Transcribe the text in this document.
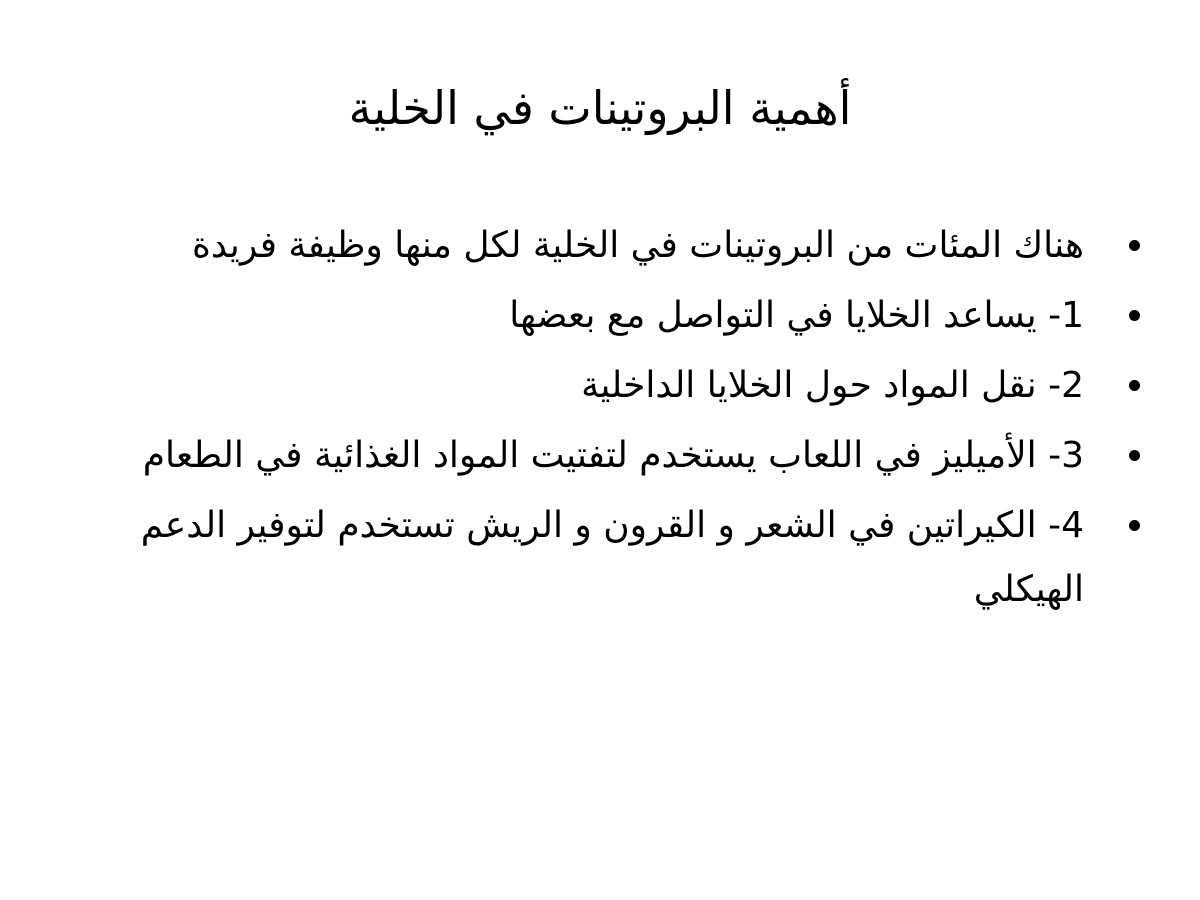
أهمية البروتينات في الخلية
هناك المئات من البروتينات في الخلية لكل منها وظيفة فريدة
1- يساعد الخلايا في التواصل مع بعضها
2- نقل المواد حول الخلايا الداخلية
3- الأميليز في اللعاب يستخدم لتفتيت المواد الغذائية في الطعام
4- الكيراتين في الشعر و القرون و الريش تستخدم لتوفير الدعم الهيكلي
